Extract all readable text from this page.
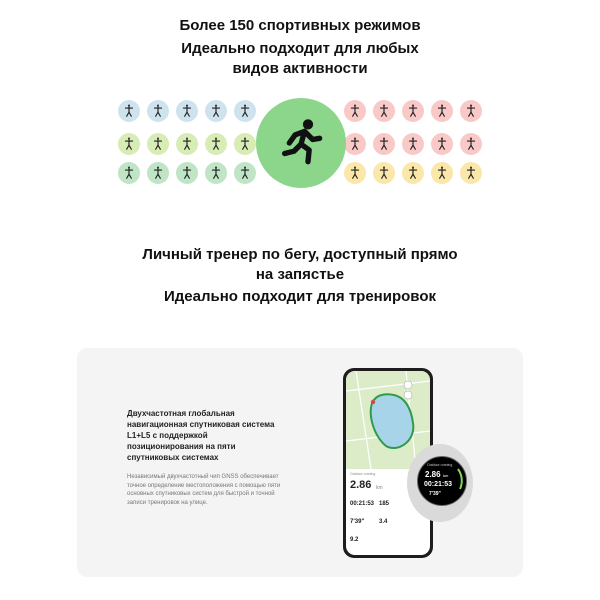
Более 150 спортивных режимов
Идеально подходит для любых
видов активности
Личный тренер по бегу, доступный прямо
на запястье
Идеально подходит для тренировок
Двухчастотная глобальная навигационная спутниковая система L1+L5 с поддержкой позиционирования на пяти спутниковых системах
Независимый двухчастотный чип GNSS обеспечивает точное определение местоположения с помощью пяти основных спутниковых систем для быстрой и точной записи тренировок на улице.
Outdoor running
2.86 km
00:21:53 185
7'39" 3.4
9.2
Outdoor running
2.86 km
00:21:53
7'39"
